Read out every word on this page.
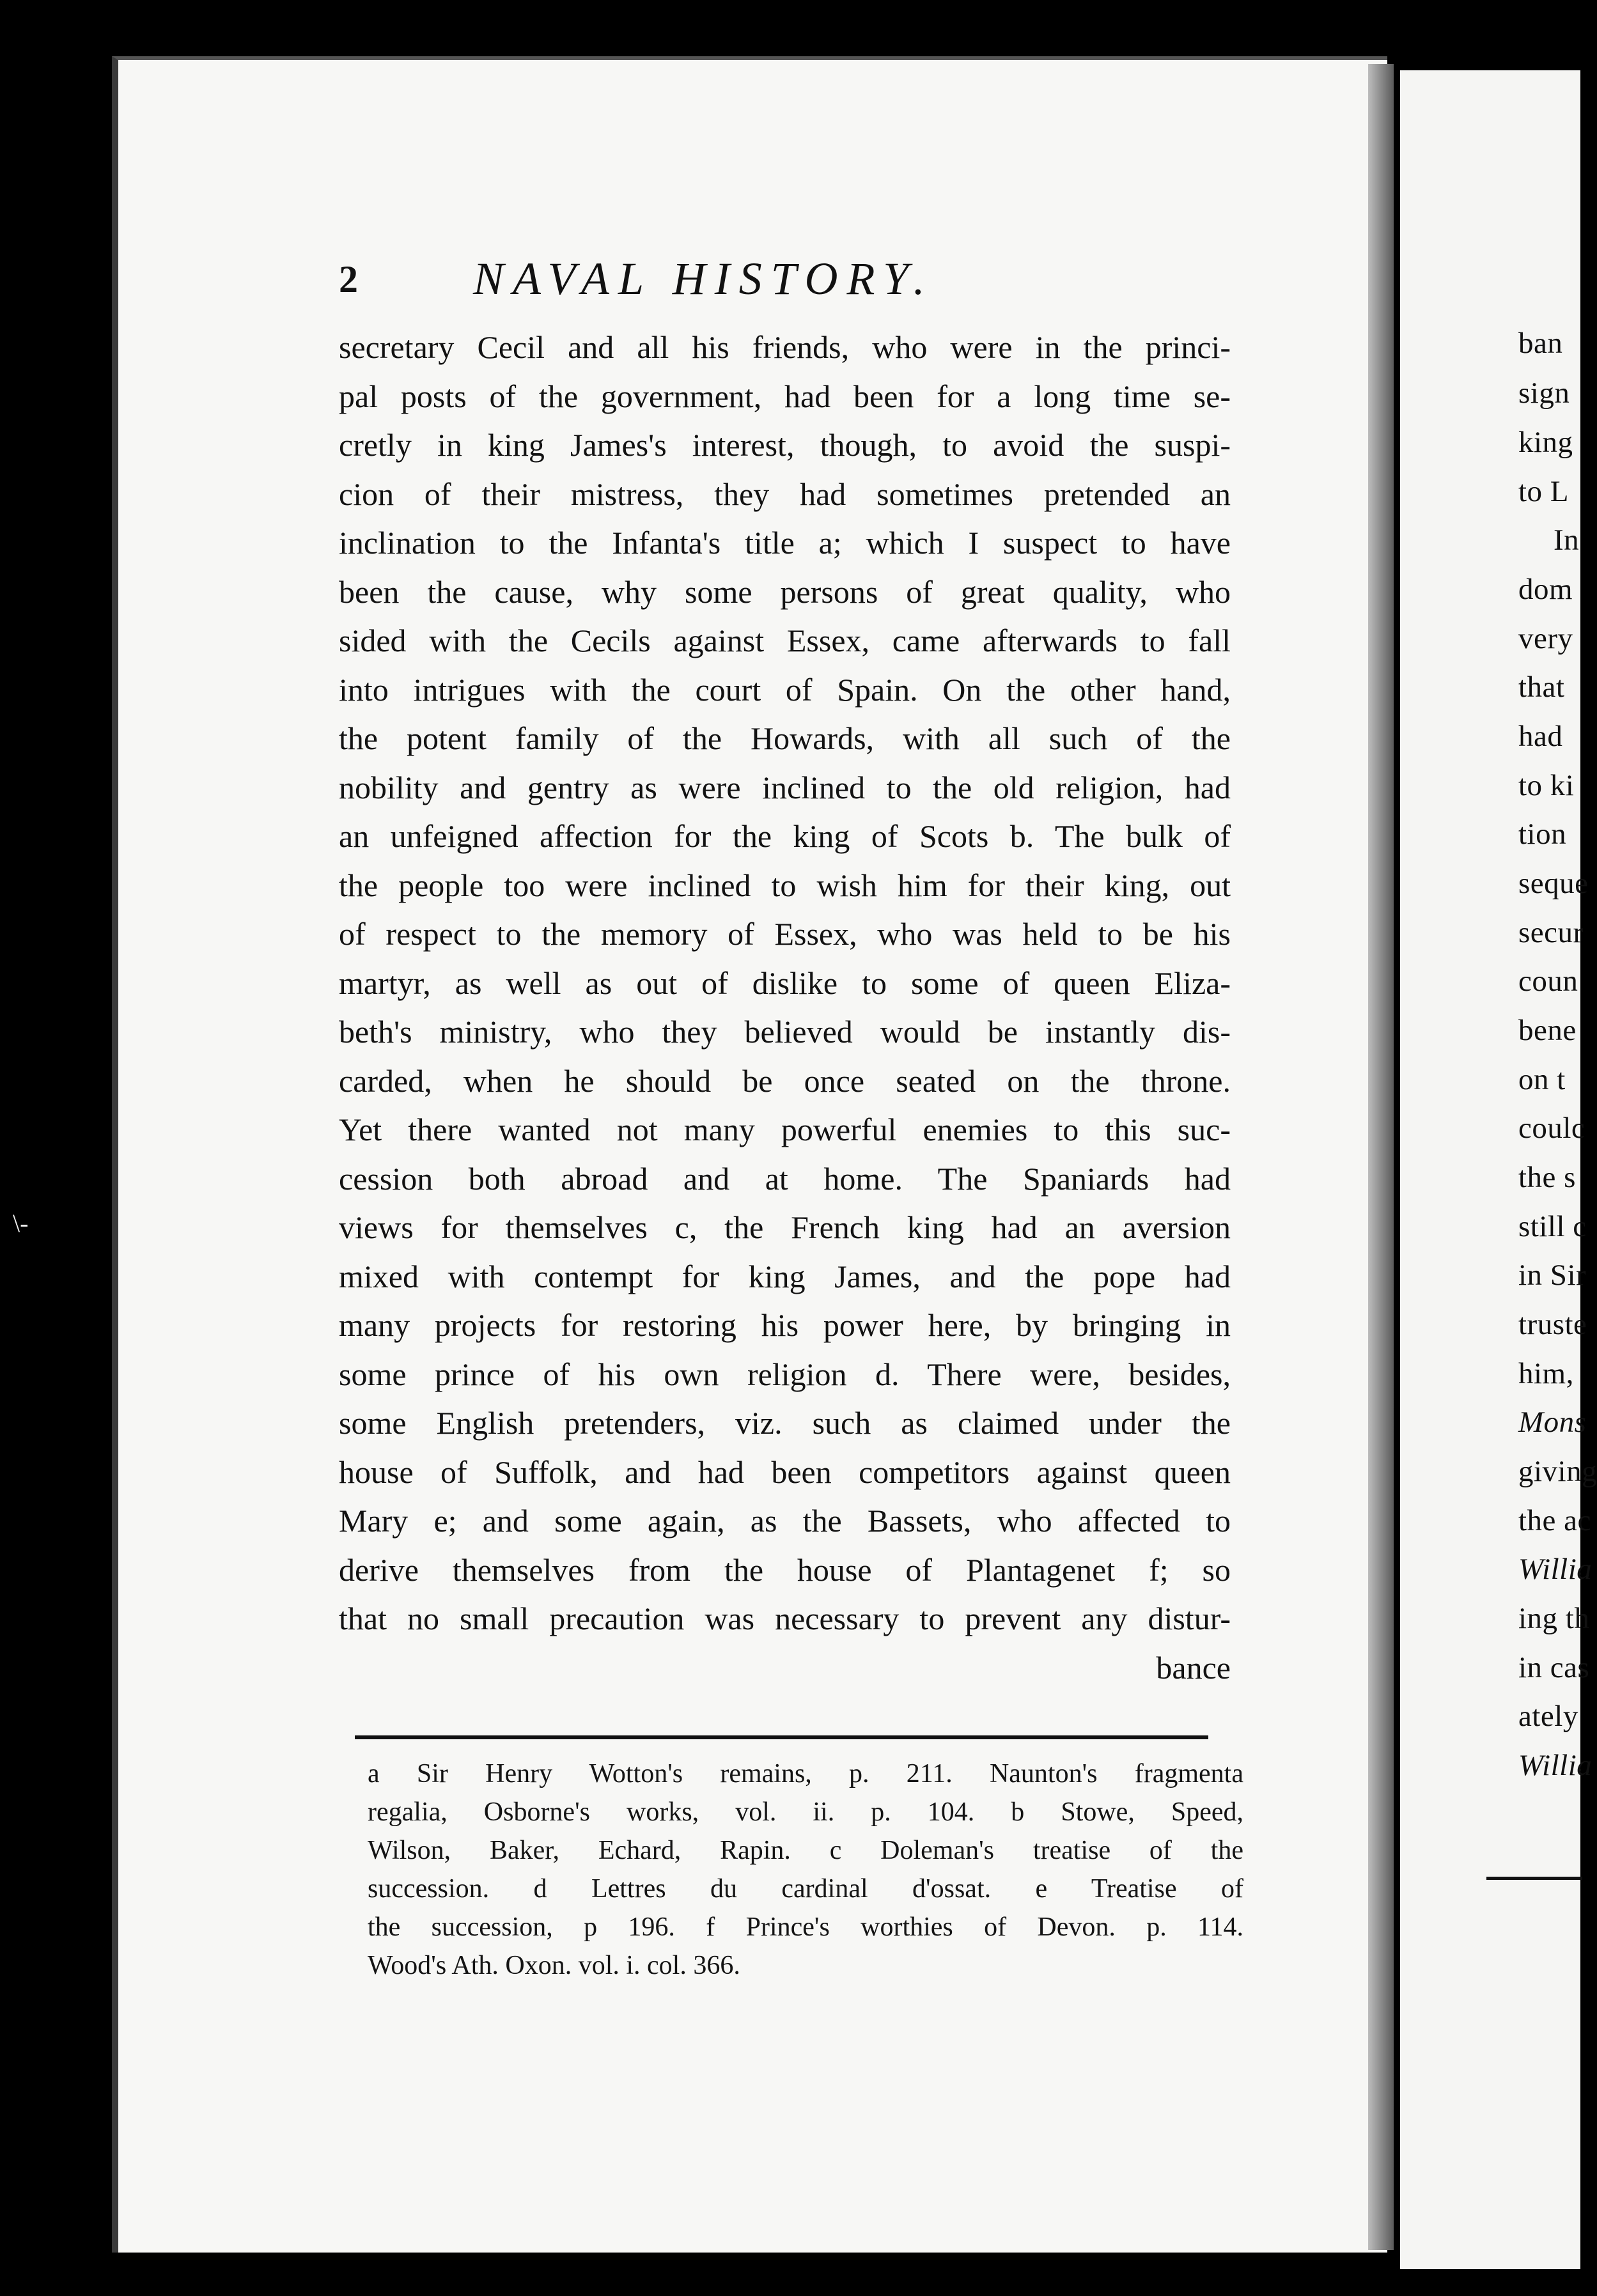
\-
2	NAVAL HISTORY.
secretary Cecil and all his friends, who were in the princi-
pal posts of the government, had been for a long time se-
cretly in king James's interest, though, to avoid the suspi-
cion of their mistress, they had sometimes pretended an
inclination to the Infanta's title a; which I suspect to have
been the cause, why some persons of great quality, who
sided with the Cecils against Essex, came afterwards to fall
into intrigues with the court of Spain. On the other hand,
the potent family of the Howards, with all such of the
nobility and gentry as were inclined to the old religion, had
an unfeigned affection for the king of Scots b. The bulk of
the people too were inclined to wish him for their king, out
of respect to the memory of Essex, who was held to be his
martyr, as well as out of dislike to some of queen Eliza-
beth's ministry, who they believed would be instantly dis-
carded, when he should be once seated on the throne.
Yet there wanted not many powerful enemies to this suc-
cession both abroad and at home. The Spaniards had
views for themselves c, the French king had an aversion
mixed with contempt for king James, and the pope had
many projects for restoring his power here, by bringing in
some prince of his own religion d. There were, besides,
some English pretenders, viz. such as claimed under the
house of Suffolk, and had been competitors against queen
Mary e; and some again, as the Bassets, who affected to
derive themselves from the house of Plantagenet f; so
that no small precaution was necessary to prevent any distur-
bance
a Sir Henry Wotton's remains, p. 211. Naunton's fragmenta
regalia, Osborne's works, vol. ii. p. 104. b Stowe, Speed,
Wilson, Baker, Echard, Rapin. c Doleman's treatise of the
succession. d Lettres du cardinal d'ossat. e Treatise of
the succession, p 196. f Prince's worthies of Devon. p. 114.
Wood's Ath. Oxon. vol. i. col. 366.
ban
sign
king
to L
In
dom
very
that
had
to ki
tion
seque
secur
coun
bene
on t
coulc
the s
still c
in Sir
truste
him,
Mons
giving
the ac
Willia
ing th
in cas
ately
Willia
